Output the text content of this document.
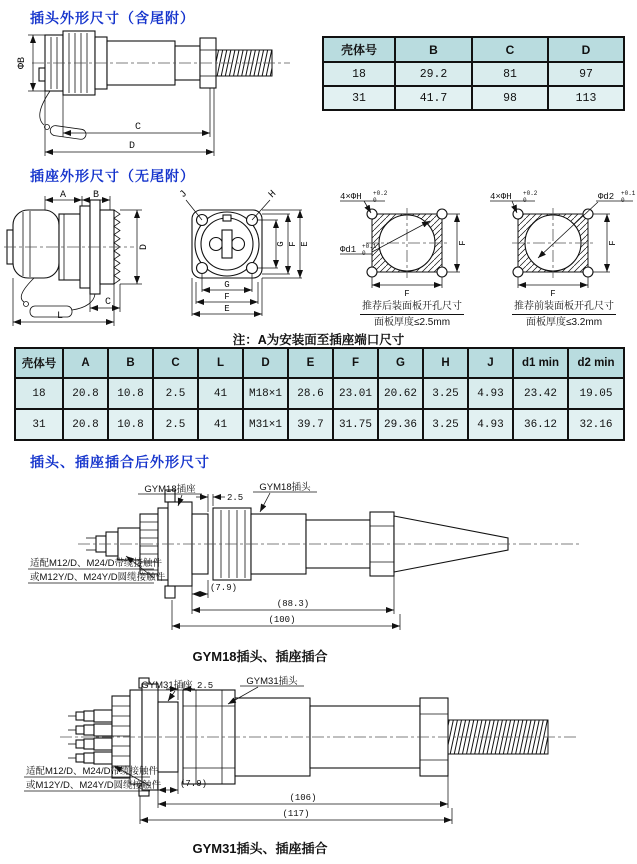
插头外形尺寸（含尾附）
ΦB
C
D
壳体号	B	C	D
18	29.2	81	97
31	41.7	98	113
插座外形尺寸（无尾附）
A	B
D
C
L
J	H
G F E
G
F
E
4×ΦH +0.2
0
Φd1 +0.1
0
F
F
推荐后装面板开孔尺寸
面板厚度≤2.5mm
4×ΦH +0.2
0	Φd2 +0.1
0
F
F
推荐前装面板开孔尺寸
面板厚度≤3.2mm
注：A为安装面至插座端口尺寸
壳体号	A	B	C	L	D	E	F	G	H	J	d1 min	d2 min
18	20.8	10.8	2.5	41	M18×1	28.6	23.01	20.62	3.25	4.93	23.42	19.05
31	20.8	10.8	2.5	41	M31×1	39.7	31.75	29.36	3.25	4.93	36.12	32.16
插头、插座插合后外形尺寸
GYM18插座	GYM18插头
2.5
(7.9)
(88.3)
(100)
适配M12/D、M24/D带缆接触件
或M12Y/D、M24Y/D圆缆接触件
GYM18插头、插座插合
GYM31插座	GYM31插头
2.5
(7.9)
(106)
(117)
适配M12/D、M24/D带缆接触件
或M12Y/D、M24Y/D圆缆接触件
GYM31插头、插座插合
